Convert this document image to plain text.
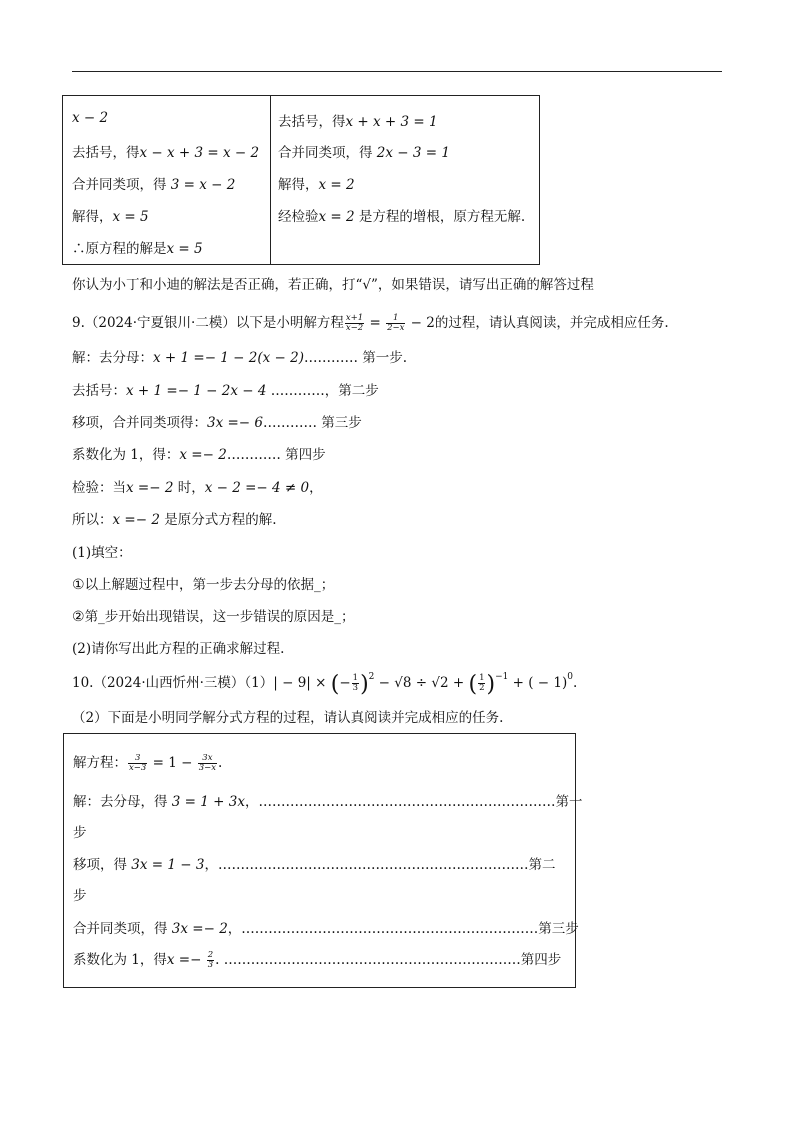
x − 2
去括号，得x − x + 3 = x − 2
合并同类项，得 3 = x − 2
解得，x = 5
∴原方程的解是x = 5
去括号，得x + x + 3 = 1
合并同类项，得 2x − 3 = 1
解得，x = 2
经检验x = 2 是方程的增根，原方程无解.
你认为小丁和小迪的解法是否正确，若正确，打“√”，如果错误，请写出正确的解答过程
9.（2024·宁夏银川·二模）以下是小明解方程 $\frac{x+1}{x-2} = \frac{1}{2-x} - 2$的过程，请认真阅读，并完成相应任务.
解：去分母：x + 1 =− 1 − 2(x − 2)………… 第一步.
去括号：x + 1 =− 1 − 2x − 4 …………，第二步
移项，合并同类项得：3x =− 6………… 第三步
系数化为 1，得：x =− 2………… 第四步
检验：当x =− 2 时，x − 2 =− 4 ≠ 0，
所以：x =− 2 是原分式方程的解.
(1)填空：
①以上解题过程中，第一步去分母的依据_；
②第_步开始出现错误，这一步错误的原因是_；
(2)请你写出此方程的正确求解过程.
10.（2024·山西忻州·三模）（1）| − 9| × (− $\frac{1}{3} )^2 - √8 \div √2$ + ( $\frac{1}{2} )^{-1}$ + ( − 1)$^0$.
（2）下面是小明同学解分式方程的过程，请认真阅读并完成相应的任务.
解方程： $\frac{3}{x-3} = 1 - \frac{3x}{3-x}$ .
解：去分母，得 3 = 1 + 3x，…………………………………………………………第一
步
移项，得 3x = 1 − 3，……………………………………………………………第二
步
合并同类项，得 3x =− 2，…………………………………………………………第三步
系数化为 1，得$x =- \frac{2}{3}$ . …………………………………………………………第四步
